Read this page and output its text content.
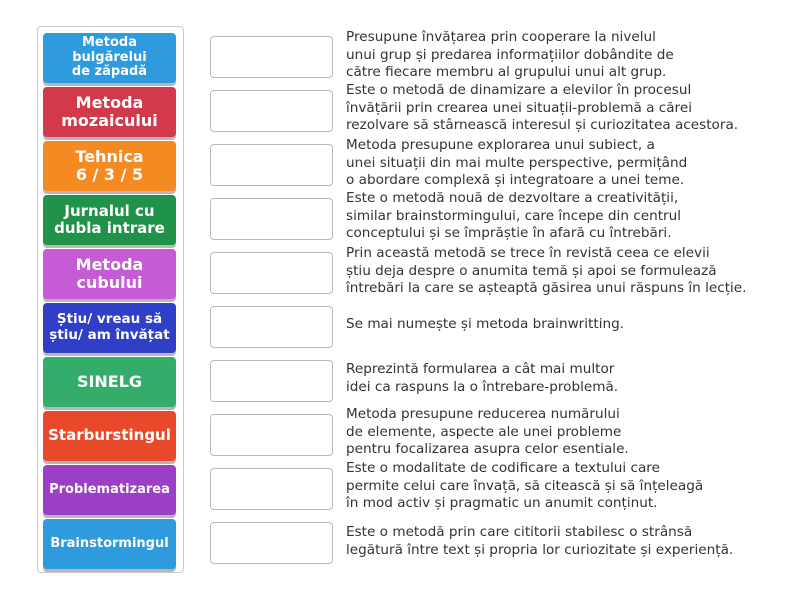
Metoda bulgărelui
de zăpadă
Metoda
mozaicului
Tehnica
6 / 3 / 5
Jurnalul cu
dubla intrare
Metoda
cubului
Știu/ vreau să
știu/ am învățat
SINELG
Starburstingul
Problematizarea
Brainstormingul
Presupune învățarea prin cooperare la nivelul
unui grup și predarea informațiilor dobândite de
către fiecare membru al grupului unui alt grup.
Este o metodă de dinamizare a elevilor în procesul
învățării prin crearea unei situații-problemă a cărei
rezolvare să stârnească interesul și curiozitatea acestora.
Metoda presupune explorarea unui subiect, a
unei situații din mai multe perspective, permițând
o abordare complexă și integratoare a unei teme.
Este o metodă nouă de dezvoltare a creativității,
similar brainstormingului, care începe din centrul
conceptului și se împrăștie în afară cu întrebări.
Prin această metodă se trece în revistă ceea ce elevii
știu deja despre o anumita temă și apoi se formulează
întrebări la care se așteaptă găsirea unui răspuns în lecție.
Se mai numește și metoda brainwritting.
Reprezintă formularea a cât mai multor
idei ca raspuns la o întrebare-problemă.
Metoda presupune reducerea numărului
de elemente, aspecte ale unei probleme
pentru focalizarea asupra celor esentiale.
Este o modalitate de codificare a textului care
permite celui care învață, să citească și să înțeleagă
în mod activ și pragmatic un anumit conținut.
Este o metodă prin care cititorii stabilesc o strânsă
legătură între text și propria lor curiozitate și experiență.
